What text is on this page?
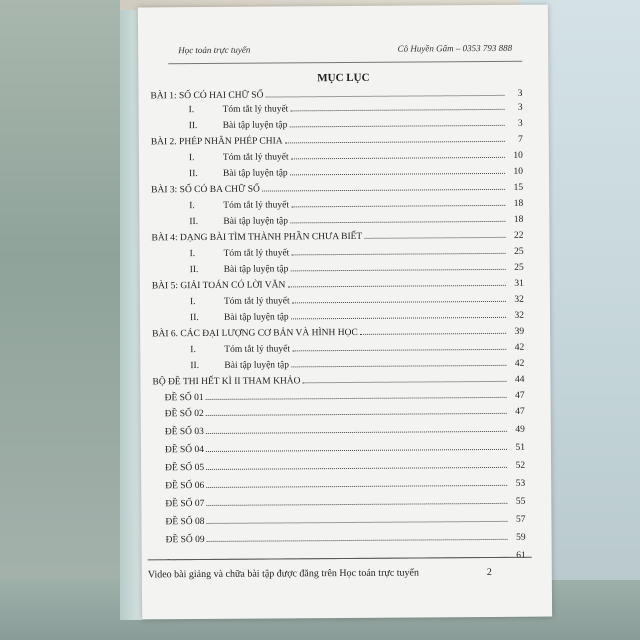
Học toán trực tuyến	Cô Huyền Gấm – 0353 793 888
MỤC LỤC
BÀI 1: SỐ CÓ HAI CHỮ SỐ	3
I.	Tóm tắt lý thuyết	3
II.	Bài tập luyện tập	3
BÀI 2. PHÉP NHÂN PHÉP CHIA	7
I.	Tóm tắt lý thuyết	10
II.	Bài tập luyện tập	10
BÀI 3: SỐ CÓ BA CHỮ SỐ	15
I.	Tóm tắt lý thuyết	18
II.	Bài tập luyện tập	18
BÀI 4: DẠNG BÀI TÌM THÀNH PHẦN CHƯA BIẾT	22
I.	Tóm tắt lý thuyết	25
II.	Bài tập luyện tập	25
BÀI 5: GIẢI TOÁN CÓ LỜI VĂN	31
I.	Tóm tắt lý thuyết	32
II.	Bài tập luyện tập	32
BÀI 6. CÁC ĐẠI LƯỢNG CƠ BẢN VÀ HÌNH HỌC	39
I.	Tóm tắt lý thuyết	42
II.	Bài tập luyện tập	42
BỘ ĐỀ THI HẾT KÌ II THAM KHẢO	44
ĐỀ SỐ 01	47
ĐỀ SỐ 02	47
ĐỀ SỐ 03	49
ĐỀ SỐ 04	51
ĐỀ SỐ 05	52
ĐỀ SỐ 06	53
ĐỀ SỐ 07	55
ĐỀ SỐ 08	57
ĐỀ SỐ 09	59
61
Video bài giảng và chữa bài tập được đăng trên Học toán trực tuyến	2
